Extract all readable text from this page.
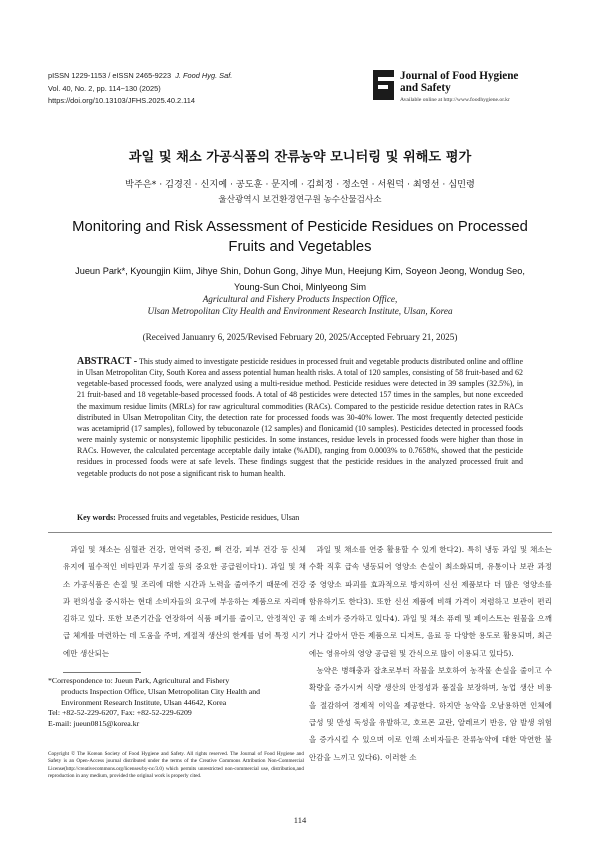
pISSN 1229-1153 / eISSN 2465-9223 J. Food Hyg. Saf.
Vol. 40, No. 2, pp. 114~130 (2025)
https://doi.org/10.13103/JFHS.2025.40.2.114
Journal of Food Hygiene
and Safety
Available online at http://www.foodhygiene.or.kr
과일 및 채소 가공식품의 잔류농약 모니터링 및 위해도 평가
박주은* · 김경진 · 신지예 · 공도훈 · 문지예 · 김희정 · 정소연 · 서원덕 · 최영선 · 심민령
울산광역시 보건환경연구원 농수산물검사소
Monitoring and Risk Assessment of Pesticide Residues on Processed Fruits and Vegetables
Jueun Park*, Kyoungjin Kiim, Jihye Shin, Dohun Gong, Jihye Mun, Heejung Kim, Soyeon Jeong, Wondug Seo, Young-Sun Choi, Minlyeong Sim
Agricultural and Fishery Products Inspection Office,
Ulsan Metropolitan City Health and Environment Research Institute, Ulsan, Korea
(Received Januanry 6, 2025/Revised February 20, 2025/Accepted February 21, 2025)
ABSTRACT - This study aimed to investigate pesticide residues in processed fruit and vegetable products distributed online and offline in Ulsan Metropolitan City, South Korea and assess potential human health risks. A total of 120 samples, consisting of 58 fruit-based and 62 vegetable-based processed foods, were analyzed using a multi-residue method. Pesticide residues were detected in 39 samples (32.5%), in 21 fruit-based and 18 vegetable-based processed foods. A total of 48 pesticides were detected 157 times in the samples, but none exceeded the maximum residue limits (MRLs) for raw agricultural commodities (RACs). Compared to the pesticide residue detection rates in RACs distributed in Ulsan Metropolitan City, the detection rate for processed foods was 30-40% lower. The most frequently detected pesticide was acetamiprid (17 samples), followed by tebuconazole (12 samples) and flonicamid (10 samples). Pesticides detected in processed foods were mainly systemic or nonsystemic lipophilic pesticides. In some instances, residue levels in processed foods were higher than those in RACs. However, the calculated percentage acceptable daily intake (%ADI), ranging from 0.0003% to 0.7658%, showed that the pesticide residues in processed foods were at safe levels. These findings suggest that the pesticide residues in the analyzed processed fruit and vegetable products do not pose a significant risk to human health.
Key words: Processed fruits and vegetables, Pesticide residues, Ulsan

과일 및 채소는 심혈관 건강, 면역력 증진, 뼈 건강, 피부 건강 등 신체 유지에 필수적인 비타민과 무기질 등의 중요한 공급원이다1). 과일 및 채소 가공식품은 손질 및 조리에 대한 시간과 노력을 줄여주기 때문에 건강과 편의성을 중시하는 현대 소비자들의 요구에 부응하는 제품으로 자리매김하고 있다. 또한 보존기간을 연장하여 식품 폐기를 줄이고, 안정적인 공급 체계를 마련하는 데 도움을 주며, 계절적 생산의 한계를 넘어 특정 시기에만 생산되는

과일 및 채소를 연중 활용할 수 있게 한다2). 특히 냉동 과일 및 채소는 수확 직후 급속 냉동되어 영양소 손실이 최소화되며, 유통이나 보관 과정 중 영양소 파괴를 효과적으로 방지하여 신선 제품보다 더 많은 영양소를 함유하기도 한다3). 또한 신선 제품에 비해 가격이 저렴하고 보관이 편리해 소비가 증가하고 있다4). 과일 및 채소 퓨레 및 페이스트는 원물을 으깨거나 갈아서 만든 제품으로 디저트, 음료 등 다양한 용도로 활용되며, 최근에는 영유아의 영양 공급원 및 간식으로 많이 이용되고 있다5).

농약은 병해충과 잡초로부터 작물을 보호하여 농작물 손실을 줄이고 수확량을 증가시켜 식량 생산의 안정성과 품질을 보장하며, 농업 생산 비용을 절감하여 경제적 이익을 제공한다. 하지만 농약을 오남용하면 인체에 급성 및 만성 독성을 유발하고, 호르몬 교란, 알레르기 반응, 암 발생 위험을 증가시킬 수 있으며 이로 인해 소비자들은 잔류농약에 대한 막연한 불안감을 느끼고 있다6). 이러한 소

*Correspondence to: Jueun Park, Agricultural and Fishery
products Inspection Office, Ulsan Metropolitan City Health and
Environment Research Institute, Ulsan 44642, Korea
Tel: +82-52-229-6207, Fax: +82-52-229-6209
E-mail: jueun0815@korea.kr
Copyright © The Korean Society of Food Hygiene and Safety. All rights reserved. The Journal of Food Hygiene and Safety is an Open-Access journal distributed under the terms of the Creative Commons Attribution Non-Commercial License(http://creativecommons.org/licenses/by-nc/3.0) which permits unrestricted non-commercial use, distribution,and reproduction in any medium, provided the original work is properly cited.
114
